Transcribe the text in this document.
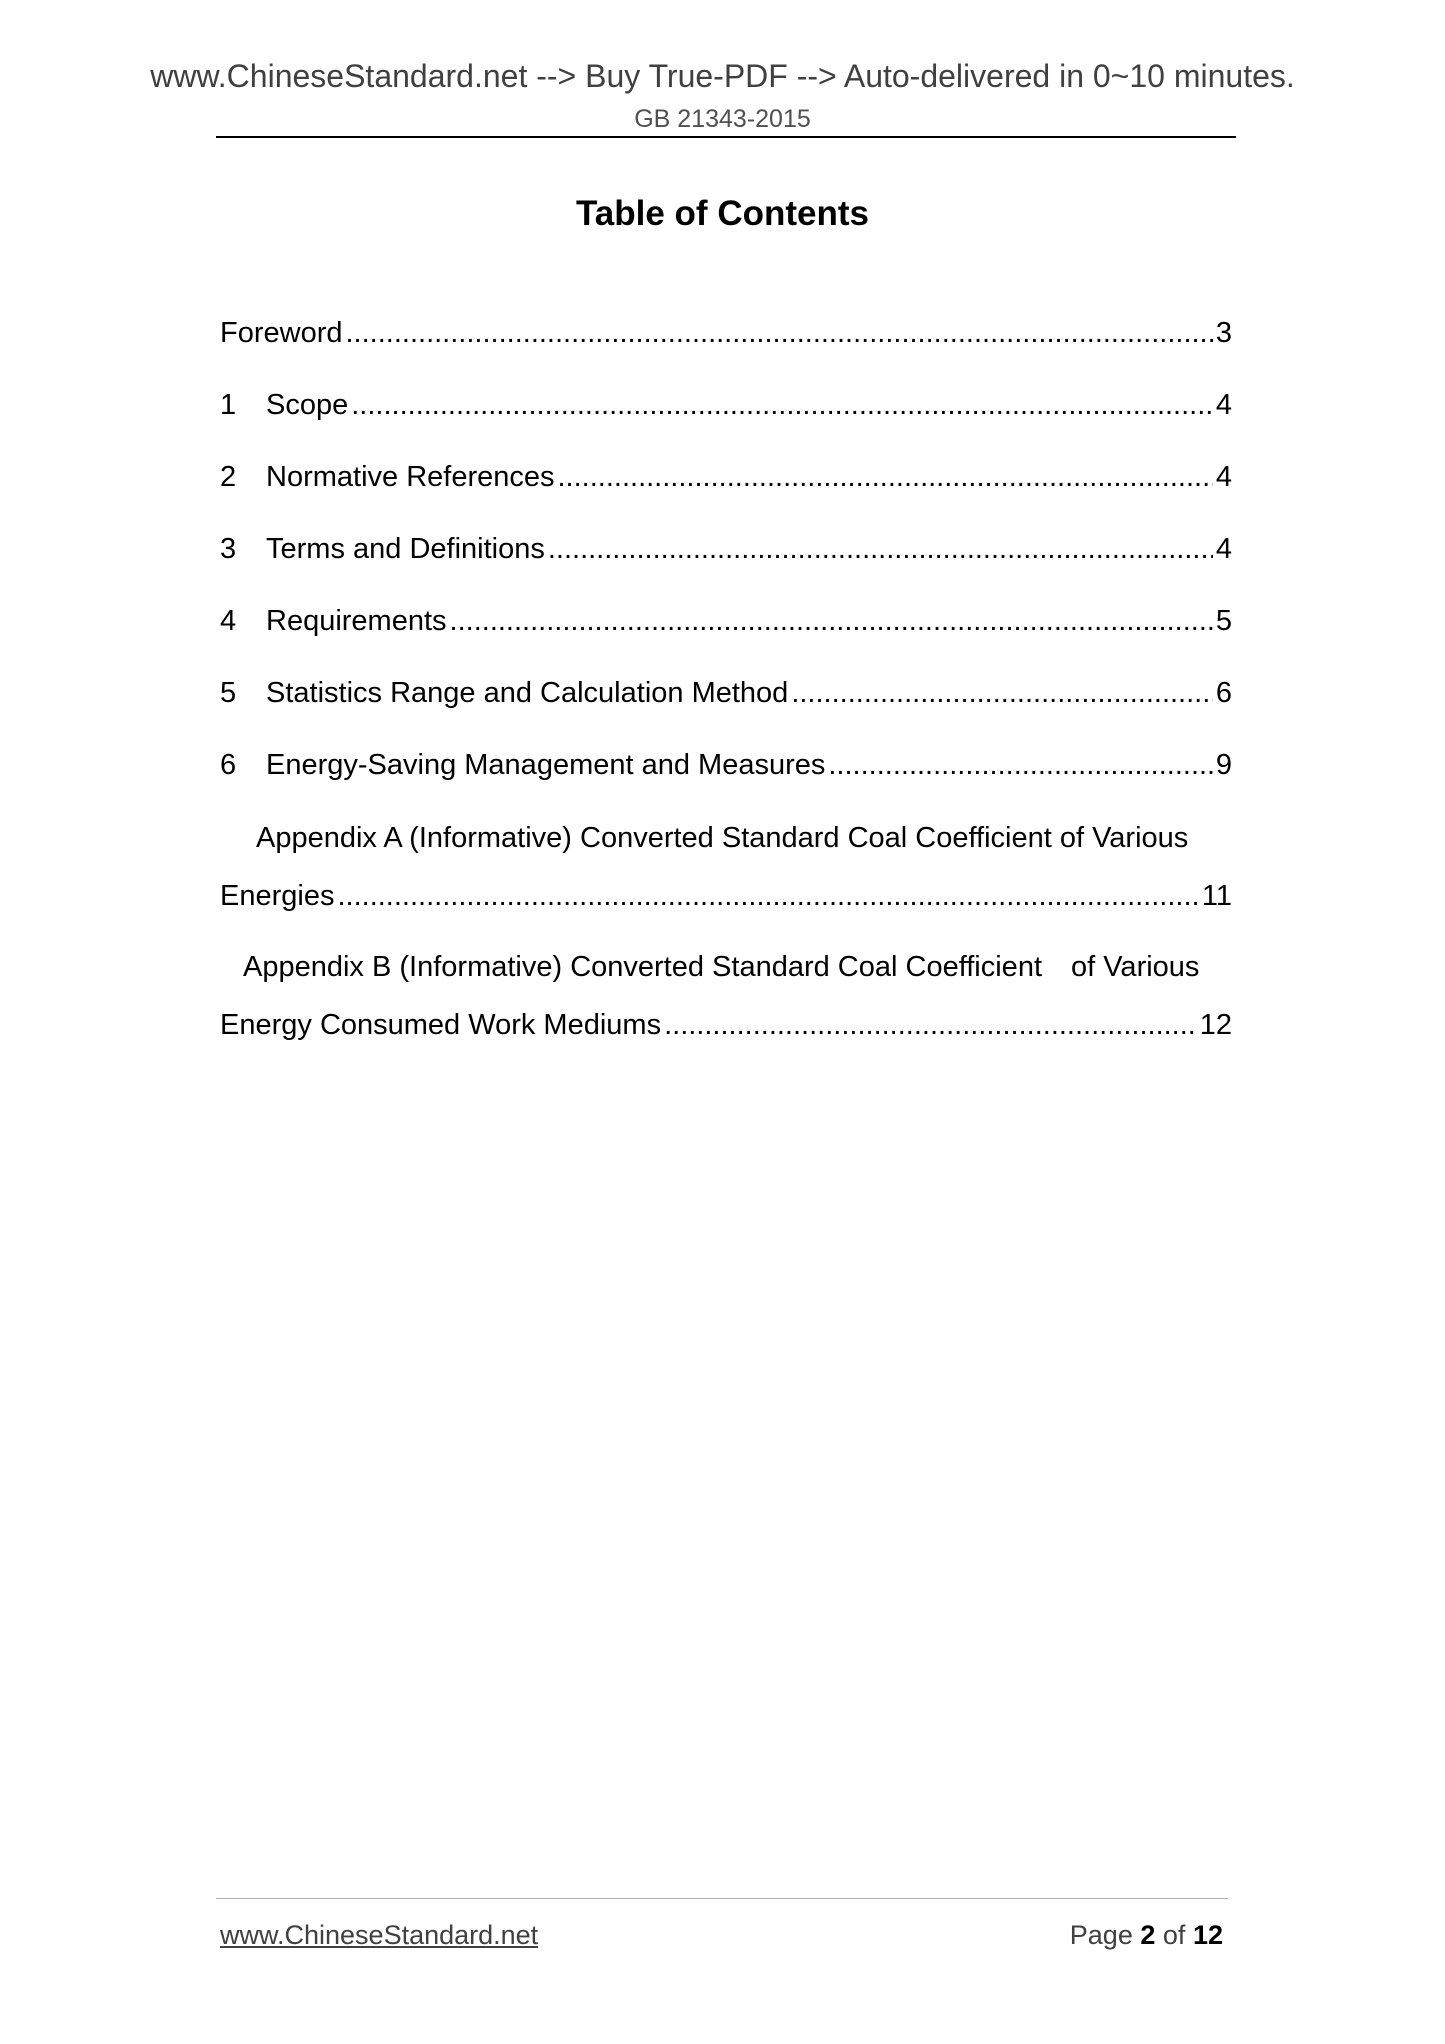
www.ChineseStandard.net --> Buy True-PDF --> Auto-delivered in 0~10 minutes.
GB 21343-2015
Table of Contents
Foreword .....	3
1	Scope .....	4
2	Normative References .....	4
3	Terms and Definitions .....	4
4	Requirements .....	5
5	Statistics Range and Calculation Method .....	6
6	Energy-Saving Management and Measures .....	9
Appendix A (Informative) Converted Standard Coal Coefficient of Various
Energies .....	11
Appendix B (Informative) Converted Standard Coal Coefficient　of Various
Energy Consumed Work Mediums .....	12
www.ChineseStandard.net	Page 2 of 12
